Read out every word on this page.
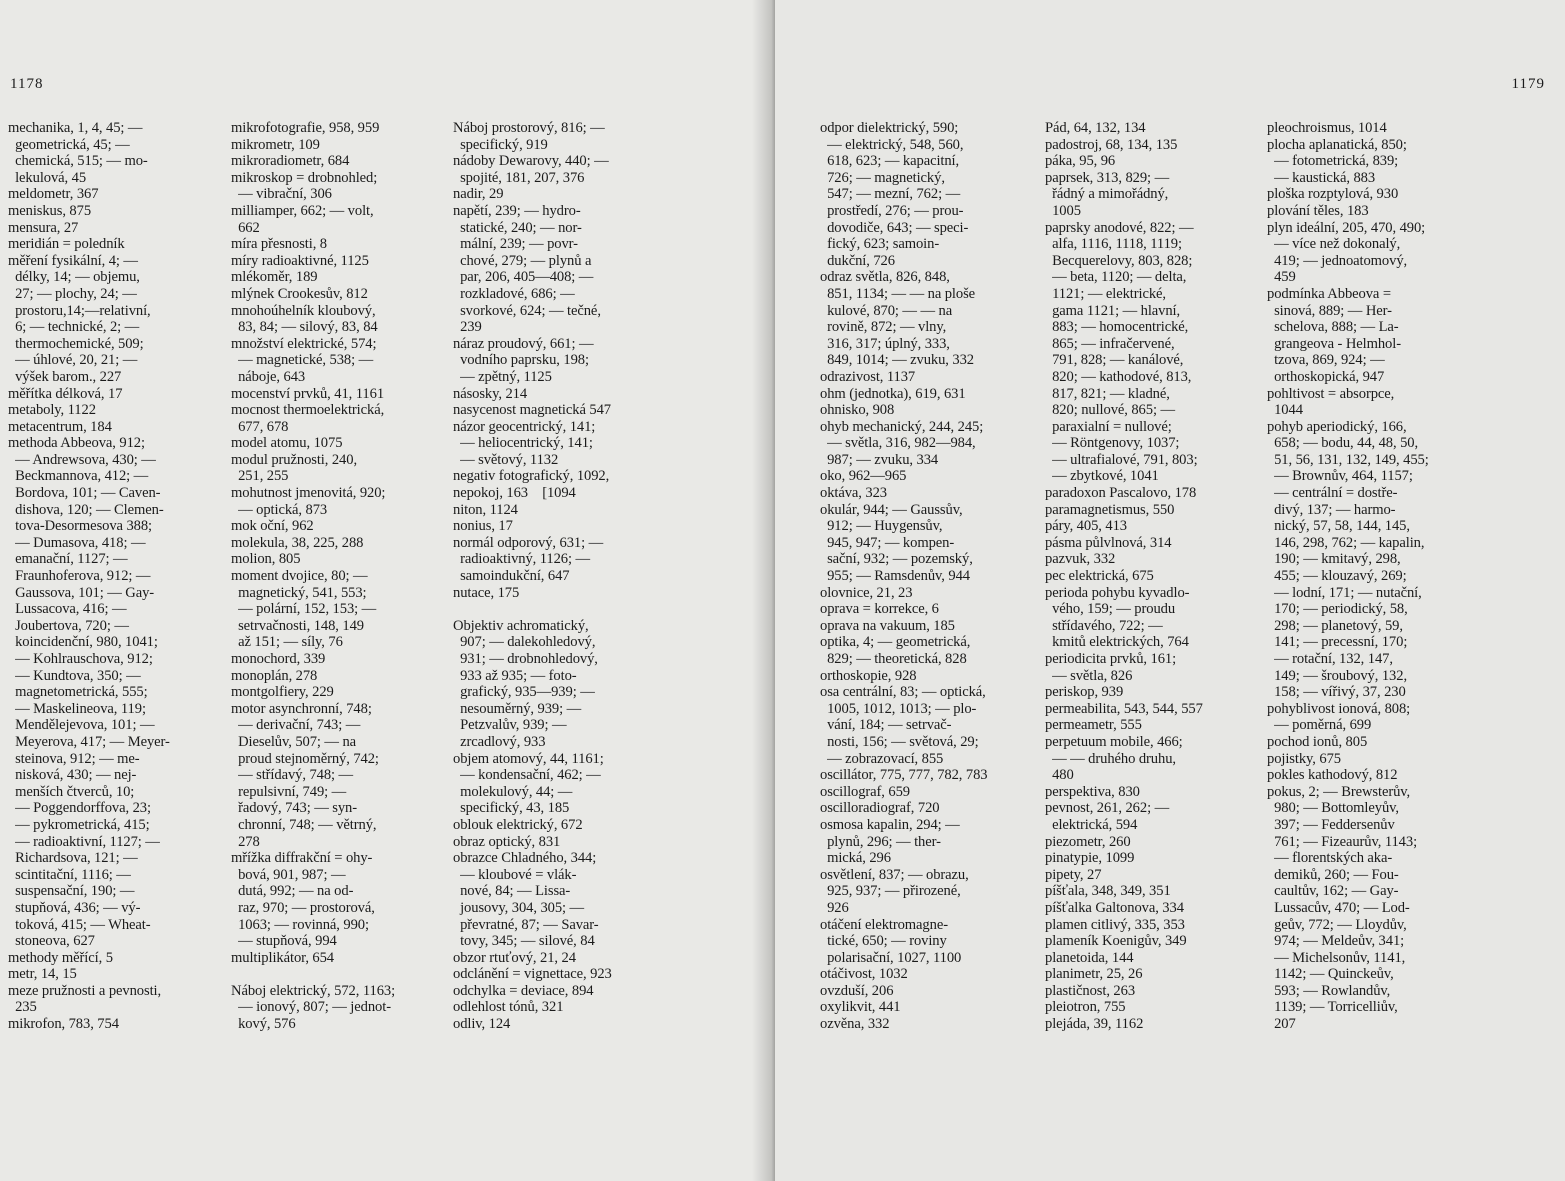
1178
mechanika, 1, 4, 45; —
geometrická, 45; —
chemická, 515; — mo-
lekulová, 45
meldometr, 367
meniskus, 875
mensura, 27
meridián = poledník
měření fysikální, 4; —
délky, 14; — objemu,
27; — plochy, 24; —
prostoru,14;—relativní,
6; — technické, 2; —
thermochemické, 509;
— úhlové, 20, 21; —
výšek barom., 227
měřítka délková, 17
metaboly, 1122
metacentrum, 184
methoda Abbeova, 912;
— Andrewsova, 430; —
Beckmannova, 412; —
Bordova, 101; — Caven-
dishova, 120; — Clemen-
tova-Desormesova 388;
— Dumasova, 418; —
emanační, 1127; —
Fraunhoferova, 912; —
Gaussova, 101; — Gay-
Lussacova, 416; —
Joubertova, 720; —
koincidenční, 980, 1041;
— Kohlrauschova, 912;
— Kundtova, 350; —
magnetometrická, 555;
— Maskelineova, 119;
Mendělejevova, 101; —
Meyerova, 417; — Meyer-
steinova, 912; — me-
nisková, 430; — nej-
menších čtverců, 10;
— Poggendorffova, 23;
— pykrometrická, 415;
— radioaktivní, 1127; —
Richardsova, 121; —
scintitační, 1116; —
suspensační, 190; —
stupňová, 436; — vý-
toková, 415; — Wheat-
stoneova, 627
methody měřící, 5
metr, 14, 15
meze pružnosti a pevnosti,
235
mikrofon, 783, 754
mikrofotografie, 958, 959
mikrometr, 109
mikroradiometr, 684
mikroskop = drobnohled;
— vibrační, 306
milliamper, 662; — volt,
662
míra přesnosti, 8
míry radioaktivné, 1125
mlékoměr, 189
mlýnek Crookesův, 812
mnohoúhelník kloubový,
83, 84; — silový, 83, 84
množství elektrické, 574;
— magnetické, 538; —
náboje, 643
mocenství prvků, 41, 1161
mocnost thermoelektrická,
677, 678
model atomu, 1075
modul pružnosti, 240,
251, 255
mohutnost jmenovitá, 920;
— optická, 873
mok oční, 962
molekula, 38, 225, 288
molion, 805
moment dvojice, 80; —
magnetický, 541, 553;
— polární, 152, 153; —
setrvačnosti, 148, 149
až 151; — síly, 76
monochord, 339
monoplán, 278
montgolfiery, 229
motor asynchronní, 748;
— derivační, 743; —
Dieselův, 507; — na
proud stejnoměrný, 742;
— střídavý, 748; —
repulsivní, 749; —
řadový, 743; — syn-
chronní, 748; — větrný,
278
mřížka diffrakční = ohy-
bová, 901, 987; —
dutá, 992; — na od-
raz, 970; — prostorová,
1063; — rovinná, 990;
— stupňová, 994
multiplikátor, 654

Náboj elektrický, 572, 1163;
— ionový, 807; — jednot-
kový, 576
Náboj prostorový, 816; —
specifický, 919
nádoby Dewarovy, 440; —
spojité, 181, 207, 376
nadir, 29
napětí, 239; — hydro-
statické, 240; — nor-
mální, 239; — povr-
chové, 279; — plynů a
par, 206, 405—408; —
rozkladové, 686; —
svorkové, 624; — tečné,
239
náraz proudový, 661; —
vodního paprsku, 198;
— zpětný, 1125
násosky, 214
nasycenost magnetická 547
názor geocentrický, 141;
— heliocentrický, 141;
— světový, 1132
negativ fotografický, 1092,
nepokoj, 163    [1094
niton, 1124
nonius, 17
normál odporový, 631; —
radioaktivný, 1126; —
samoindukční, 647
nutace, 175

Objektiv achromatický,
907; — dalekohledový,
931; — drobnohledový,
933 až 935; — foto-
grafický, 935—939; —
nesouměrný, 939; —
Petzvalův, 939; —
zrcadlový, 933
objem atomový, 44, 1161;
— kondensační, 462; —
molekulový, 44; —
specifický, 43, 185
oblouk elektrický, 672
obraz optický, 831
obrazce Chladného, 344;
— kloubové = vlák-
nové, 84; — Lissa-
jousovy, 304, 305; —
převratné, 87; — Savar-
tovy, 345; — silové, 84
obzor rtuťový, 21, 24
odclánění = vignettace, 923
odchylka = deviace, 894
odlehlost tónů, 321
odliv, 124
1179
odpor dielektrický, 590;
— elektrický, 548, 560,
618, 623; — kapacitní,
726; — magnetický,
547; — mezní, 762; —
prostředí, 276; — prou-
dovodiče, 643; — speci-
fický, 623; samoin-
dukční, 726
odraz světla, 826, 848,
851, 1134; — — na ploše
kulové, 870; — — na
rovině, 872; — vlny,
316, 317; úplný, 333,
849, 1014; — zvuku, 332
odrazivost, 1137
ohm (jednotka), 619, 631
ohnisko, 908
ohyb mechanický, 244, 245;
— světla, 316, 982—984,
987; — zvuku, 334
oko, 962—965
oktáva, 323
okulár, 944; — Gaussův,
912; — Huygensův,
945, 947; — kompen-
sační, 932; — pozemský,
955; — Ramsdenův, 944
olovnice, 21, 23
oprava = korrekce, 6
oprava na vakuum, 185
optika, 4; — geometrická,
829; — theoretická, 828
orthoskopie, 928
osa centrální, 83; — optická,
1005, 1012, 1013; — plo-
vání, 184; — setrvač-
nosti, 156; — světová, 29;
— zobrazovací, 855
oscillátor, 775, 777, 782, 783
oscillograf, 659
oscilloradiograf, 720
osmosa kapalin, 294; —
plynů, 296; — ther-
mická, 296
osvětlení, 837; — obrazu,
925, 937; — přirozené,
926
otáčení elektromagne-
tické, 650; — roviny
polarisační, 1027, 1100
otáčivost, 1032
ovzduší, 206
oxylikvit, 441
ozvěna, 332
Pád, 64, 132, 134
padostroj, 68, 134, 135
páka, 95, 96
paprsek, 313, 829; —
řádný a mimořádný,
1005
paprsky anodové, 822; —
alfa, 1116, 1118, 1119;
Becquerelovy, 803, 828;
— beta, 1120; — delta,
1121; — elektrické,
gama 1121; — hlavní,
883; — homocentrické,
865; — infračervené,
791, 828; — kanálové,
820; — kathodové, 813,
817, 821; — kladné,
820; nullové, 865; —
paraxialní = nullové;
— Röntgenovy, 1037;
— ultrafialové, 791, 803;
— zbytkové, 1041
paradoxon Pascalovo, 178
paramagnetismus, 550
páry, 405, 413
pásma půlvlnová, 314
pazvuk, 332
pec elektrická, 675
perioda pohybu kyvadlo-
vého, 159; — proudu
střídavého, 722; —
kmitů elektrických, 764
periodicita prvků, 161;
— světla, 826
periskop, 939
permeabilita, 543, 544, 557
permeametr, 555
perpetuum mobile, 466;
— — druhého druhu,
480
perspektiva, 830
pevnost, 261, 262; —
elektrická, 594
piezometr, 260
pinatypie, 1099
pipety, 27
píšťala, 348, 349, 351
píšťalka Galtonova, 334
plamen citlivý, 335, 353
plameník Koenigův, 349
planetoida, 144
planimetr, 25, 26
plastičnost, 263
pleiotron, 755
plejáda, 39, 1162
pleochroismus, 1014
plocha aplanatická, 850;
— fotometrická, 839;
— kaustická, 883
ploška rozptylová, 930
plování těles, 183
plyn ideální, 205, 470, 490;
— více než dokonalý,
419; — jednoatomový,
459
podmínka Abbeova =
sinová, 889; — Her-
schelova, 888; — La-
grangeova - Helmhol-
tzova, 869, 924; —
orthoskopická, 947
pohltivost = absorpce,
1044
pohyb aperiodický, 166,
658; — bodu, 44, 48, 50,
51, 56, 131, 132, 149, 455;
— Brownův, 464, 1157;
— centrální = dostře-
divý, 137; — harmo-
nický, 57, 58, 144, 145,
146, 298, 762; — kapalin,
190; — kmitavý, 298,
455; — klouzavý, 269;
— lodní, 171; — nutační,
170; — periodický, 58,
298; — planetový, 59,
141; — precessní, 170;
— rotační, 132, 147,
149; — šroubový, 132,
158; — vířivý, 37, 230
pohyblivost ionová, 808;
— poměrná, 699
pochod ionů, 805
pojistky, 675
pokles kathodový, 812
pokus, 2; — Brewsterův,
980; — Bottomleyův,
397; — Feddersenův
761; — Fizeaurův, 1143;
— florentských aka-
demiků, 260; — Fou-
caultův, 162; — Gay-
Lussacův, 470; — Lod-
geův, 772; — Lloydův,
974; — Meldeův, 341;
— Michelsonův, 1141,
1142; — Quinckeův,
593; — Rowlandův,
1139; — Torricelliův,
207
